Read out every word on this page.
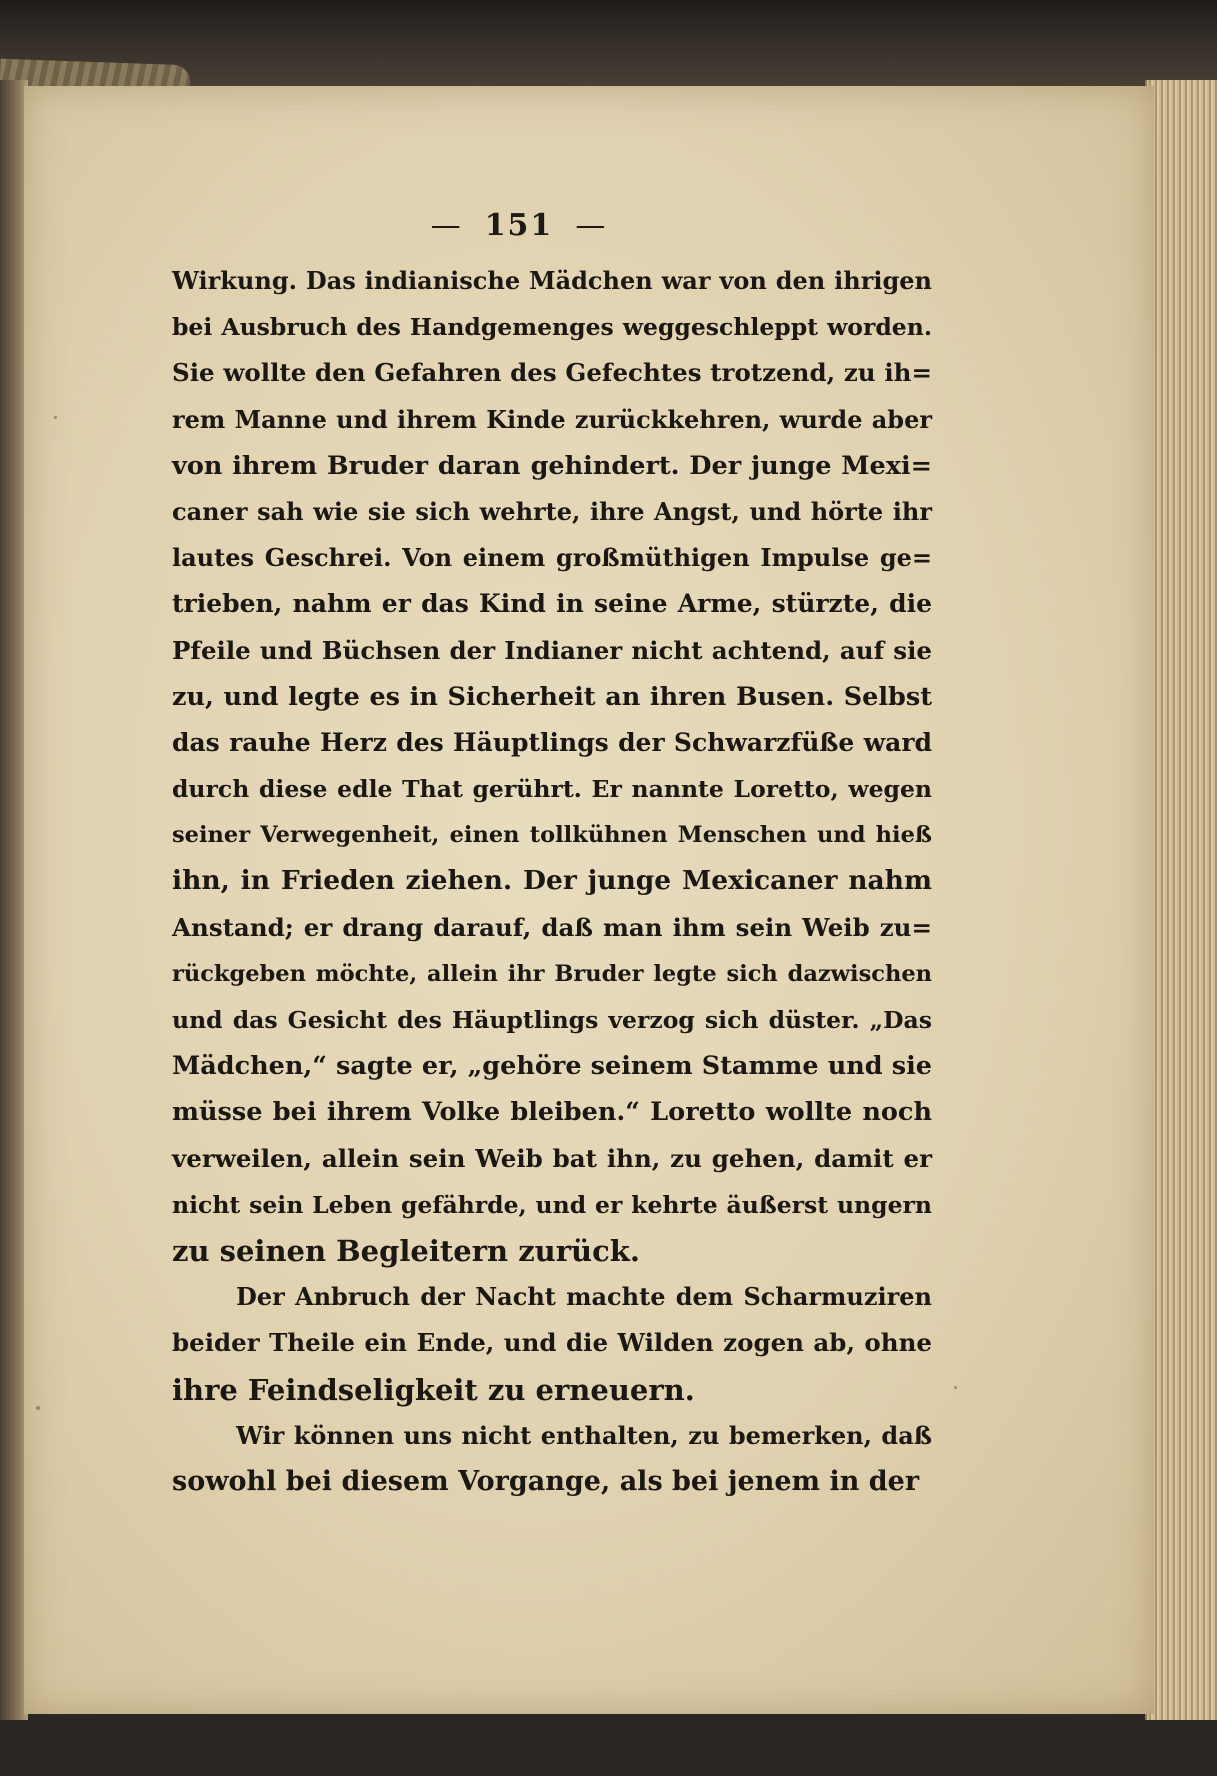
— 151 —
Wirkung. Das indianische Mädchen war von den ihrigen
bei Ausbruch des Handgemenges weggeschleppt worden.
Sie wollte den Gefahren des Gefechtes trotzend, zu ih=
rem Manne und ihrem Kinde zurückkehren, wurde aber
von ihrem Bruder daran gehindert. Der junge Mexi=
caner sah wie sie sich wehrte, ihre Angst, und hörte ihr
lautes Geschrei. Von einem großmüthigen Impulse ge=
trieben, nahm er das Kind in seine Arme, stürzte, die
Pfeile und Büchsen der Indianer nicht achtend, auf sie
zu, und legte es in Sicherheit an ihren Busen. Selbst
das rauhe Herz des Häuptlings der Schwarzfüße ward
durch diese edle That gerührt. Er nannte Loretto, wegen
seiner Verwegenheit, einen tollkühnen Menschen und hieß
ihn, in Frieden ziehen. Der junge Mexicaner nahm
Anstand; er drang darauf, daß man ihm sein Weib zu=
rückgeben möchte, allein ihr Bruder legte sich dazwischen
und das Gesicht des Häuptlings verzog sich düster. „Das
Mädchen,“ sagte er, „gehöre seinem Stamme und sie
müsse bei ihrem Volke bleiben.“ Loretto wollte noch
verweilen, allein sein Weib bat ihn, zu gehen, damit er
nicht sein Leben gefährde, und er kehrte äußerst ungern
zu seinen Begleitern zurück.
Der Anbruch der Nacht machte dem Scharmuziren
beider Theile ein Ende, und die Wilden zogen ab, ohne
ihre Feindseligkeit zu erneuern.
Wir können uns nicht enthalten, zu bemerken, daß
sowohl bei diesem Vorgange, als bei jenem in der
